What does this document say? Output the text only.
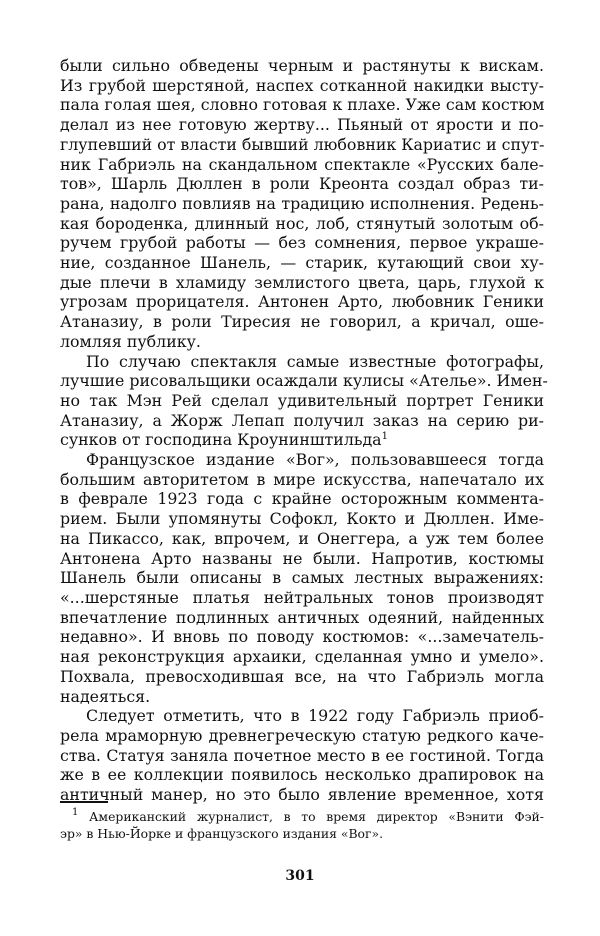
были сильно обведены черным и растянуты к вискам.
Из грубой шерстяной, наспех сотканной накидки высту-
пала голая шея, словно готовая к плахе. Уже сам костюм
делал из нее готовую жертву... Пьяный от ярости и по-
глупевший от власти бывший любовник Кариатис и спут-
ник Габриэль на скандальном спектакле «Русских бале-
тов», Шарль Дюллен в роли Креонта создал образ ти-
рана, надолго повлияв на традицию исполнения. Редень-
кая бороденка, длинный нос, лоб, стянутый золотым об-
ручем грубой работы — без сомнения, первое украше-
ние, созданное Шанель, — старик, кутающий свои ху-
дые плечи в хламиду землистого цвета, царь, глухой к
угрозам прорицателя. Антонен Арто, любовник Геники
Атаназиу, в роли Тиресия не говорил, а кричал, оше-
ломляя публику.

По случаю спектакля самые известные фотографы,
лучшие рисовальщики осаждали кулисы «Ателье». Имен-
но так Мэн Рей сделал удивительный портрет Геники
Атаназиу, а Жорж Лепап получил заказ на серию ри-
сунков от господина Кроунинштильда$^1$

Французское издание «Вог», пользовавшееся тогда
большим авторитетом в мире искусства, напечатало их
в феврале 1923 года с крайне осторожным коммента-
рием. Были упомянуты Софокл, Кокто и Дюллен. Име-
на Пикассо, как, впрочем, и Онеггера, а уж тем более
Антонена Арто названы не были. Напротив, костюмы
Шанель были описаны в самых лестных выражениях:
«...шерстяные платья нейтральных тонов производят
впечатление подлинных античных одеяний, найденных
недавно». И вновь по поводу костюмов: «...замечатель-
ная реконструкция архаики, сделанная умно и умело».
Похвала, превосходившая все, на что Габриэль могла
надеяться.

Следует отметить, что в 1922 году Габриэль приоб-
рела мраморную древнегреческую статую редкого каче-
ства. Статуя заняла почетное место в ее гостиной. Тогда
же в ее коллекции появилось несколько драпировок на
античный манер, но это было явление временное, хотя

$^1$ Американский журналист, в то время директор «Вэнити Фэй-
эр» в Нью-Йорке и французского издания «Вог».
301
